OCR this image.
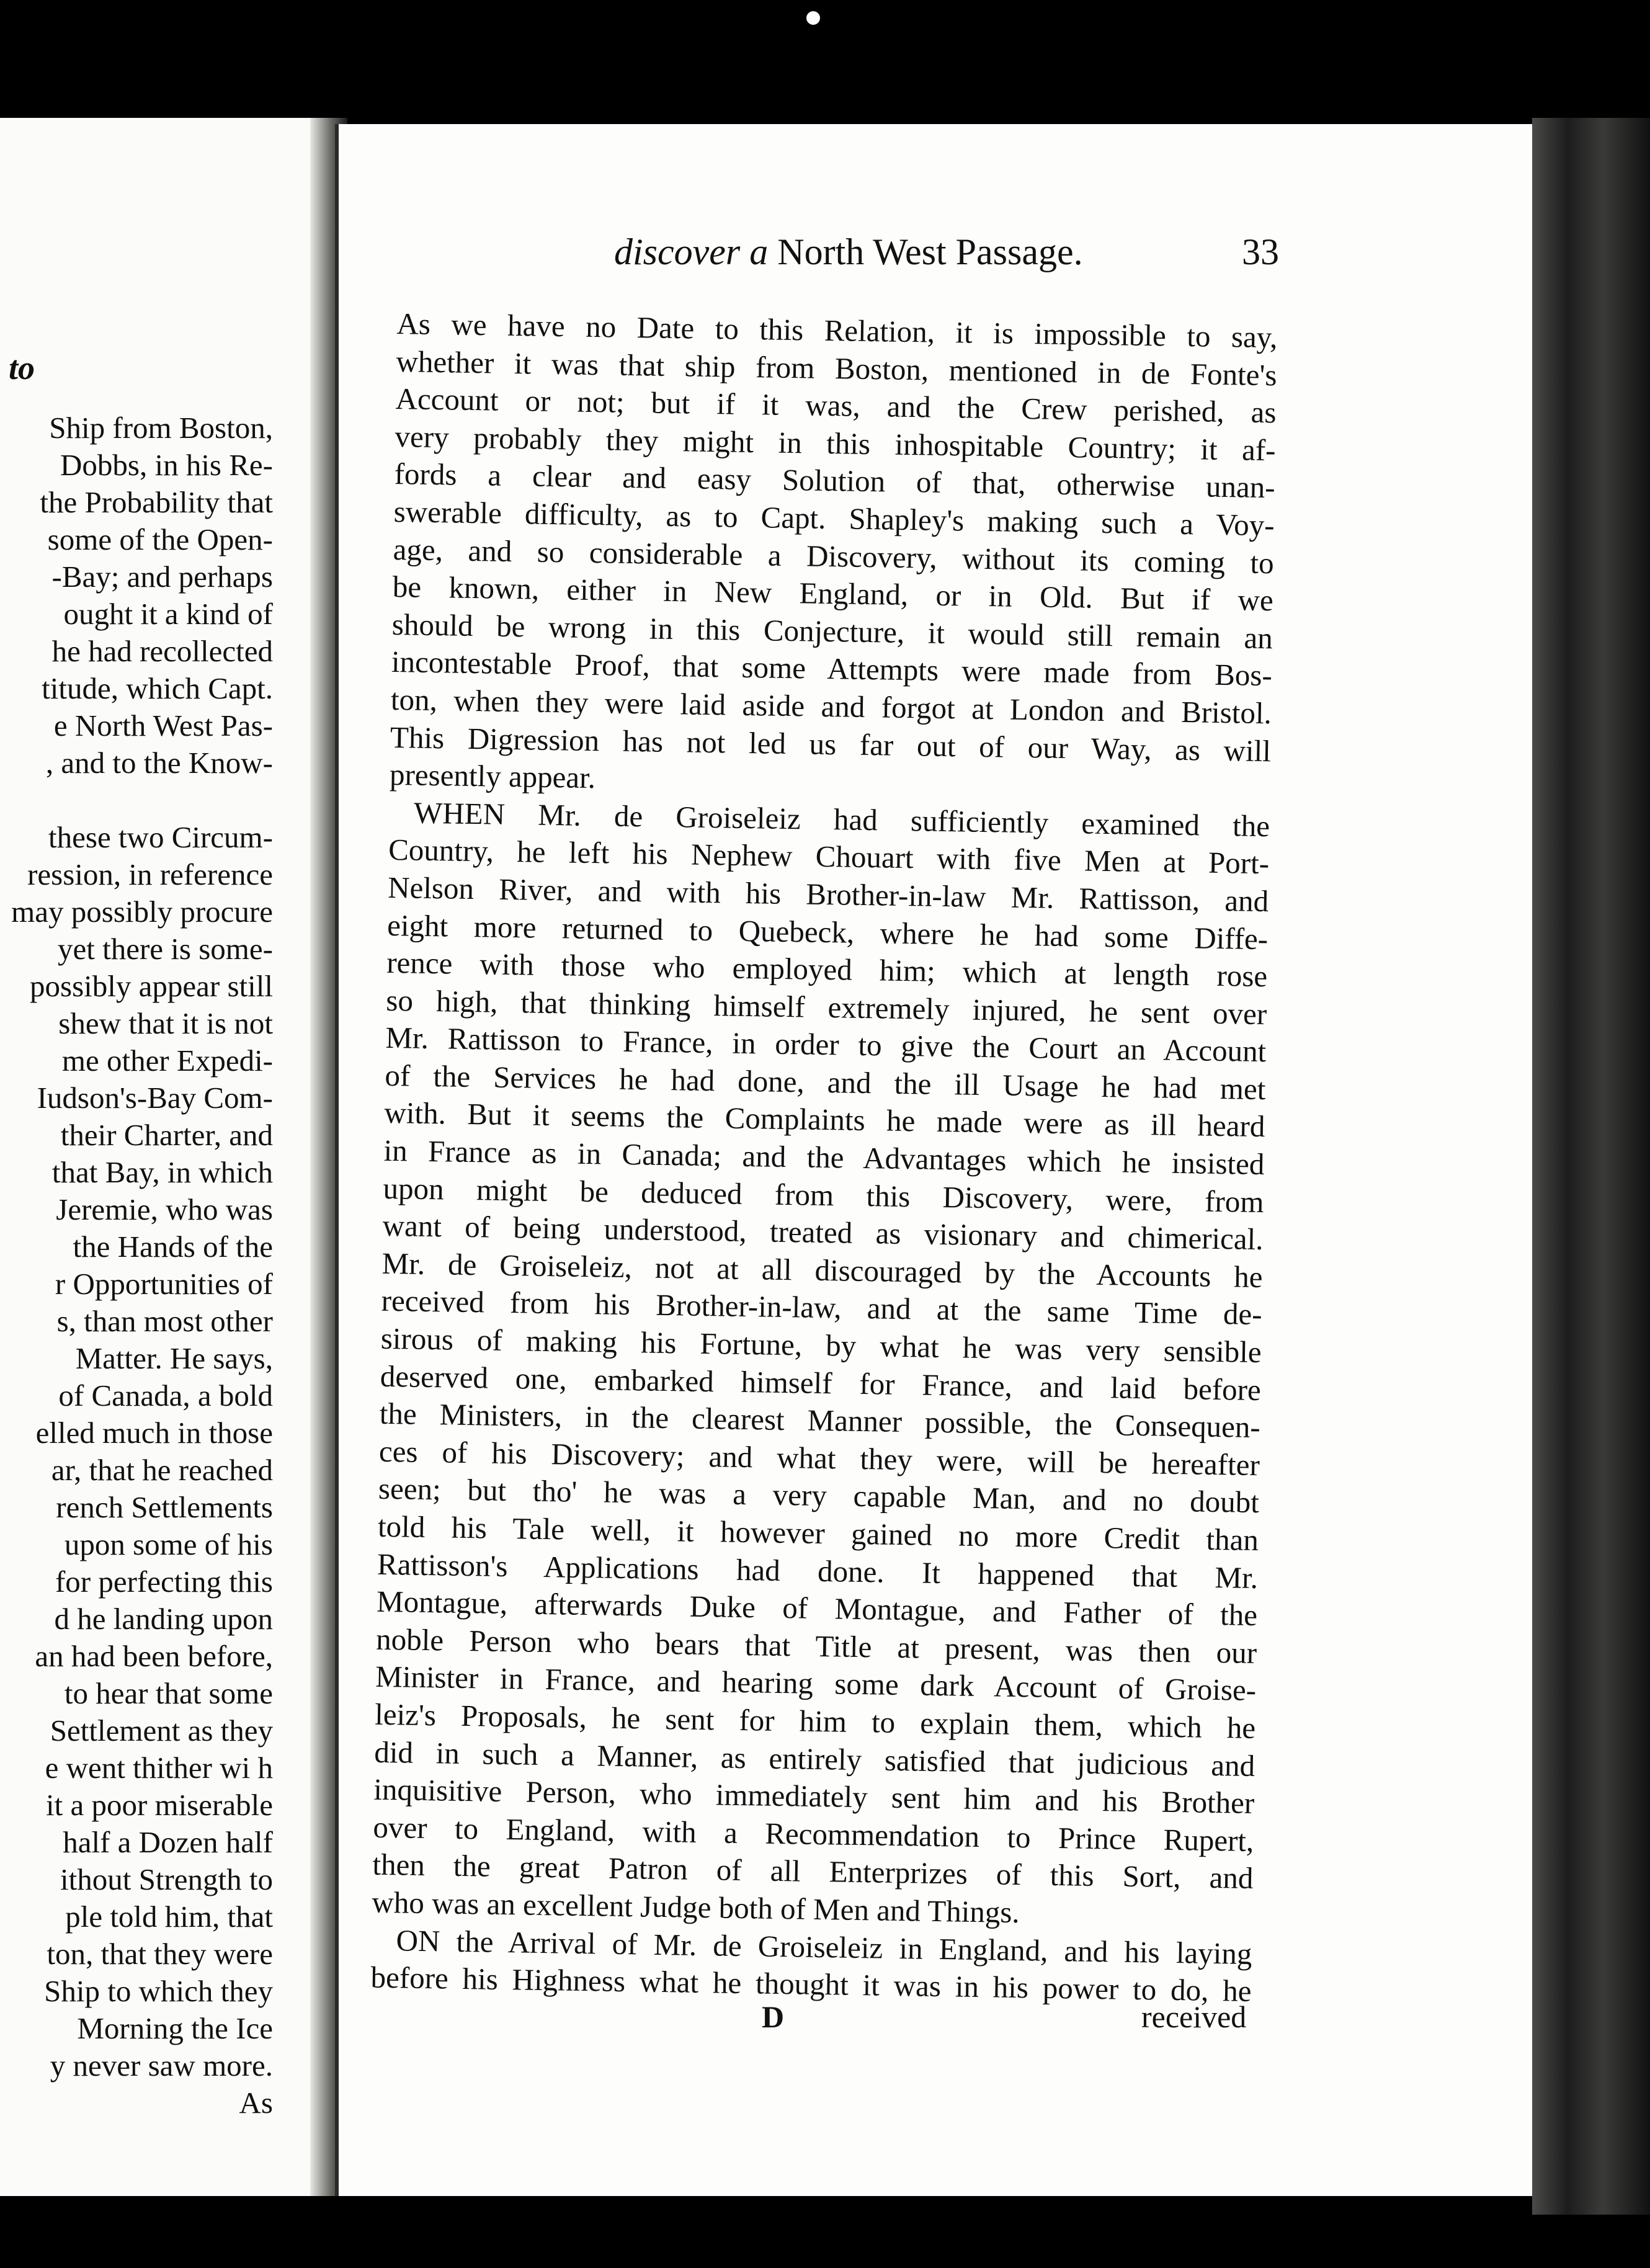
to
Ship from Boston,
Dobbs, in his Re-
the Probability that
some of the Open-
-Bay; and perhaps
ought it a kind of
he had recollected
titude, which Capt.
e North West Pas-
, and to the Know-
these two Circum-
ression, in reference
may possibly procure
yet there is some-
possibly appear still
shew that it is not
me other Expedi-
Iudson's-Bay Com-
their Charter, and
that Bay, in which
Jeremie, who was
the Hands of the
r Opportunities of
s, than most other
Matter. He says,
of Canada, a bold
elled much in those
ar, that he reached
rench Settlements
upon some of his
for perfecting this
d he landing upon
an had been before,
to hear that some
Settlement as they
e went thither wi h
it a poor miserable
half a Dozen half
ithout Strength to
ple told him, that
ton, that they were
Ship to which they
Morning the Ice
y never saw more.
As
discover a North West Passage.	33
As we have no Date to this Relation, it is impossible to say,
whether it was that ship from Boston, mentioned in de Fonte's
Account or not; but if it was, and the Crew perished, as
very probably they might in this inhospitable Country; it af-
fords a clear and easy Solution of that, otherwise unan-
swerable difficulty, as to Capt. Shapley's making such a Voy-
age, and so considerable a Discovery, without its coming to
be known, either in New England, or in Old. But if we
should be wrong in this Conjecture, it would still remain an
incontestable Proof, that some Attempts were made from Bos-
ton, when they were laid aside and forgot at London and Bristol.
This Digression has not led us far out of our Way, as will
presently appear.
WHEN Mr. de Groiseleiz had sufficiently examined the
Country, he left his Nephew Chouart with five Men at Port-
Nelson River, and with his Brother-in-law Mr. Rattisson, and
eight more returned to Quebeck, where he had some Diffe-
rence with those who employed him; which at length rose
so high, that thinking himself extremely injured, he sent over
Mr. Rattisson to France, in order to give the Court an Account
of the Services he had done, and the ill Usage he had met
with. But it seems the Complaints he made were as ill heard
in France as in Canada; and the Advantages which he insisted
upon might be deduced from this Discovery, were, from
want of being understood, treated as visionary and chimerical.
Mr. de Groiseleiz, not at all discouraged by the Accounts he
received from his Brother-in-law, and at the same Time de-
sirous of making his Fortune, by what he was very sensible
deserved one, embarked himself for France, and laid before
the Ministers, in the clearest Manner possible, the Consequen-
ces of his Discovery; and what they were, will be hereafter
seen; but tho' he was a very capable Man, and no doubt
told his Tale well, it however gained no more Credit than
Rattisson's Applications had done. It happened that Mr.
Montague, afterwards Duke of Montague, and Father of the
noble Person who bears that Title at present, was then our
Minister in France, and hearing some dark Account of Groise-
leiz's Proposals, he sent for him to explain them, which he
did in such a Manner, as entirely satisfied that judicious and
inquisitive Person, who immediately sent him and his Brother
over to England, with a Recommendation to Prince Rupert,
then the great Patron of all Enterprizes of this Sort, and
who was an excellent Judge both of Men and Things.
ON the Arrival of Mr. de Groiseleiz in England, and his laying
before his Highness what he thought it was in his power to do, he
D	received
